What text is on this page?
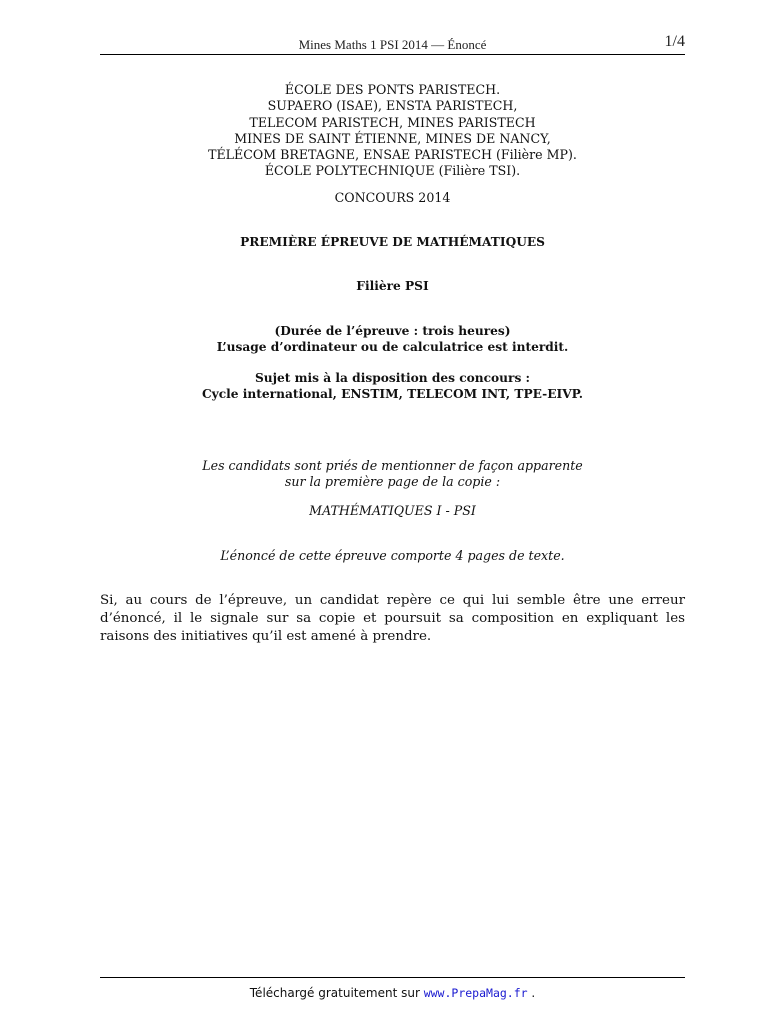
Mines Maths 1 PSI 2014 — Énoncé	1/4
ÉCOLE DES PONTS PARISTECH.
SUPAERO (ISAE), ENSTA PARISTECH,
TELECOM PARISTECH, MINES PARISTECH
MINES DE SAINT ÉTIENNE, MINES DE NANCY,
TÉLÉCOM BRETAGNE, ENSAE PARISTECH (Filière MP).
ÉCOLE POLYTECHNIQUE (Filière TSI).
CONCOURS 2014
PREMIÈRE ÉPREUVE DE MATHÉMATIQUES
Filière PSI
(Durée de l’épreuve : trois heures)
L’usage d’ordinateur ou de calculatrice est interdit.
Sujet mis à la disposition des concours :
Cycle international, ENSTIM, TELECOM INT, TPE-EIVP.
Les candidats sont priés de mentionner de façon apparente
sur la première page de la copie :
MATHÉMATIQUES I - PSI
L’énoncé de cette épreuve comporte 4 pages de texte.
Si, au cours de l’épreuve, un candidat repère ce qui lui semble être une erreur d’énoncé, il le signale sur sa copie et poursuit sa composition en expliquant les raisons des initiatives qu’il est amené à prendre.
Téléchargé gratuitement sur www.PrepaMag.fr .
